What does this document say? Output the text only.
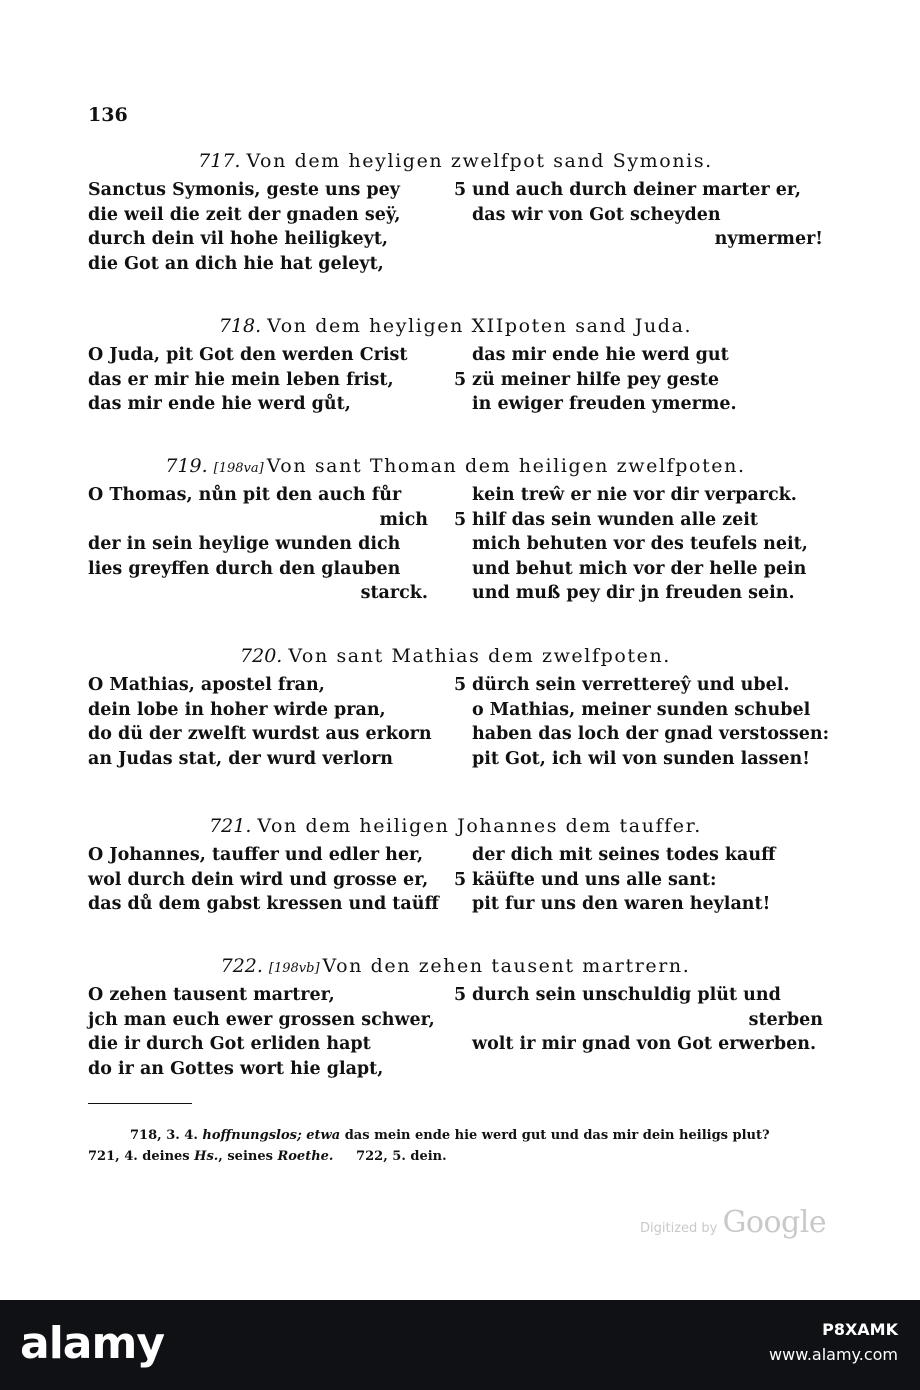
136
717. Von dem heyligen zwelfpot sand Symonis.
Sanctus Symonis, geste uns pey
die weil die zeit der gnaden seÿ,
durch dein vil hohe heiligkeyt,
die Got an dich hie hat geleyt,
5 und auch durch deiner marter er,
das wir von Got scheyden
nymermer!
718. Von dem heyligen XIIpoten sand Juda.
O Juda, pit Got den werden Crist
das er mir hie mein leben frist,
das mir ende hie werd gůt,
das mir ende hie werd gut
5 zü meiner hilfe pey geste
in ewiger freuden ymerme.
719. [198va] Von sant Thoman dem heiligen zwelfpoten.
O Thomas, nůn pit den auch fůr
mich
der in sein heylige wunden dich
lies greyffen durch den glauben
starck.
kein treŵ er nie vor dir verparck.
5 hilf das sein wunden alle zeit
mich behuten vor des teufels neit,
und behut mich vor der helle pein
und muß pey dir jn freuden sein.
720. Von sant Mathias dem zwelfpoten.
O Mathias, apostel fran,
dein lobe in hoher wirde pran,
do dü der zwelft wurdst aus erkorn
an Judas stat, der wurd verlorn
5 dürch sein verrettereŷ und ubel.
o Mathias, meiner sunden schubel
haben das loch der gnad verstossen:
pit Got, ich wil von sunden lassen!
721. Von dem heiligen Johannes dem tauffer.
O Johannes, tauffer und edler her,
wol durch dein wird und grosse er,
das dů dem gabst kressen und taüff
der dich mit seines todes kauff
5 käüfte und uns alle sant:
pit fur uns den waren heylant!
722. [198vb] Von den zehen tausent martrern.
O zehen tausent martrer,
jch man euch ewer grossen schwer,
die ir durch Got erliden hapt
do ir an Gottes wort hie glapt,
5 durch sein unschuldig plüt und
sterben
wolt ir mir gnad von Got erwerben.
718, 3. 4. hoffnungslos; etwa das mein ende hie werd gut und das mir dein heiligs plut?
721, 4. deines Hs., seines Roethe.     722, 5. dein.
Digitized by Google
alamy	P8XAMK
www.alamy.com
